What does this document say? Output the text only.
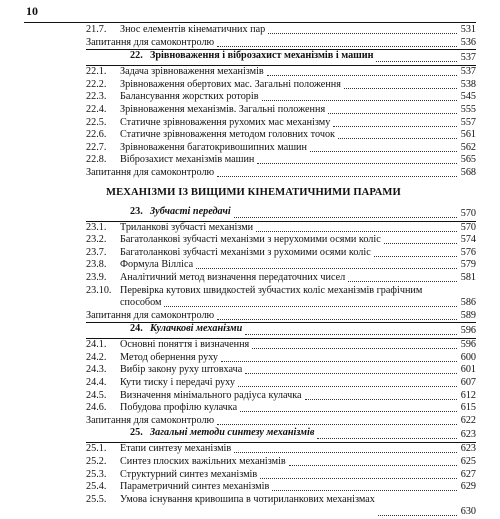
10
21.7. Знос елементів кінематичних пар	531
Запитання для самоконтролю	536
22. Зрівноваження і віброзахист механізмів і машин	537
22.1. Задача зрівноваження механізмів	537
22.2. Зрівноваження обертових мас. Загальні положення	538
22.3. Балансування жорстких роторів	545
22.4. Зрівноваження механізмів. Загальні положення	555
22.5. Статичне зрівноваження рухомих мас механізму	557
22.6. Статичне зрівноваження методом головних точок	561
22.7. Зрівноваження багатокривошипних машин	562
22.8. Віброзахист механізмів машин	565
Запитання для самоконтролю	568
МЕХАНІЗМИ ІЗ ВИЩИМИ КІНЕМАТИЧНИМИ ПАРАМИ
23. Зубчасті передачі	570
23.1. Триланкові зубчасті механізми	570
23.2. Багатоланкові зубчасті механізми з нерухомими осями коліс	574
23.7. Багатоланкові зубчасті механізми з рухомими осями коліс	576
23.8. Формула Вілліса	579
23.9. Аналітичний метод визначення передаточних чисел	581
23.10. Перевірка кутових швидкостей зубчастих коліс механізмів графічним способом	586
Запитання для самоконтролю	589
24. Кулачкові механізми	596
24.1. Основні поняття і визначення	596
24.2. Метод обернення руху	600
24.3. Вибір закону руху штовхача	601
24.4. Кути тиску і передачі руху	607
24.5. Визначення мінімального радіуса кулачка	612
24.6. Побудова профілю кулачка	615
Запитання для самоконтролю	622
25. Загальні методи синтезу механізмів	623
25.1. Етапи синтезу механізмів	623
25.2. Синтез плоских важільних механізмів	625
25.3. Структурний синтез механізмів	627
25.4. Параметричний синтез механізмів	629
25.5. Умова існування кривошипа в чотириланкових механізмах
630
